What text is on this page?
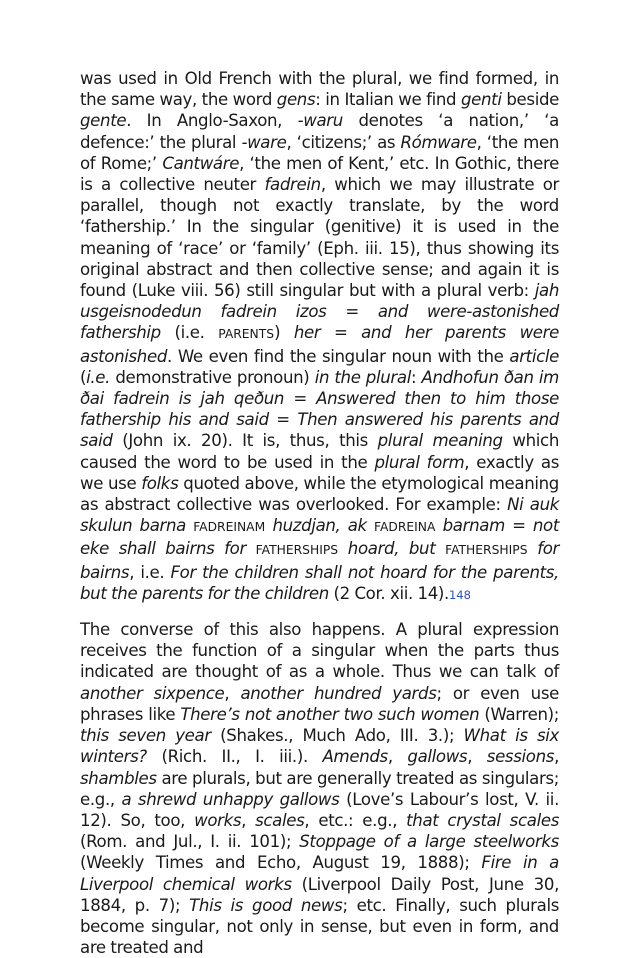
was used in Old French with the plural, we find formed, in the same way, the word gens: in Italian we find genti beside gente. In Anglo-Saxon, -waru denotes ‘a nation,’ ‘a defence:’ the plural -ware, ‘citizens;’ as Rómware, ‘the men of Rome;’ Cantwáre, ‘the men of Kent,’ etc. In Gothic, there is a collective neuter fadrein, which we may illustrate or parallel, though not exactly translate, by the word ‘fathership.’ In the singular (genitive) it is used in the meaning of ‘race’ or ‘family’ (Eph. iii. 15), thus showing its original abstract and then collective sense; and again it is found (Luke viii. 56) still singular but with a plural verb: jah usgeisnodedun fadrein izos = and were-astonished fathership (i.e. PARENTS) her = and her parents were astonished. We even find the singular noun with the article (i.e. demonstrative pronoun) in the plural: Andhofun ðan im ðai fadrein is jah qeðun = Answered then to him those fathership his and said = Then answered his parents and said (John ix. 20). It is, thus, this plural meaning which caused the word to be used in the plural form, exactly as we use folks quoted above, while the etymological meaning as abstract collective was overlooked. For example: Ni auk skulun barna FADREINAM huzdjan, ak FADREINA barnam = not eke shall bairns for FATHERSHIPS hoard, but FATHERSHIPS for bairns, i.e. For the children shall not hoard for the parents, but the parents for the children (2 Cor. xii. 14).148

The converse of this also happens. A plural expression receives the function of a singular when the parts thus indicated are thought of as a whole. Thus we can talk of another sixpence, another hundred yards; or even use phrases like There’s not another two such women (Warren); this seven year (Shakes., Much Ado, III. 3.); What is six winters? (Rich. II., I. iii.). Amends, gallows, sessions, shambles are plurals, but are generally treated as singulars; e.g., a shrewd unhappy gallows (Love’s Labour’s lost, V. ii. 12). So, too, works, scales, etc.: e.g., that crystal scales (Rom. and Jul., I. ii. 101); Stoppage of a large steelworks (Weekly Times and Echo, August 19, 1888); Fire in a Liverpool chemical works (Liverpool Daily Post, June 30, 1884, p. 7); This is good news; etc. Finally, such plurals become singular, not only in sense, but even in form, and are treated and
